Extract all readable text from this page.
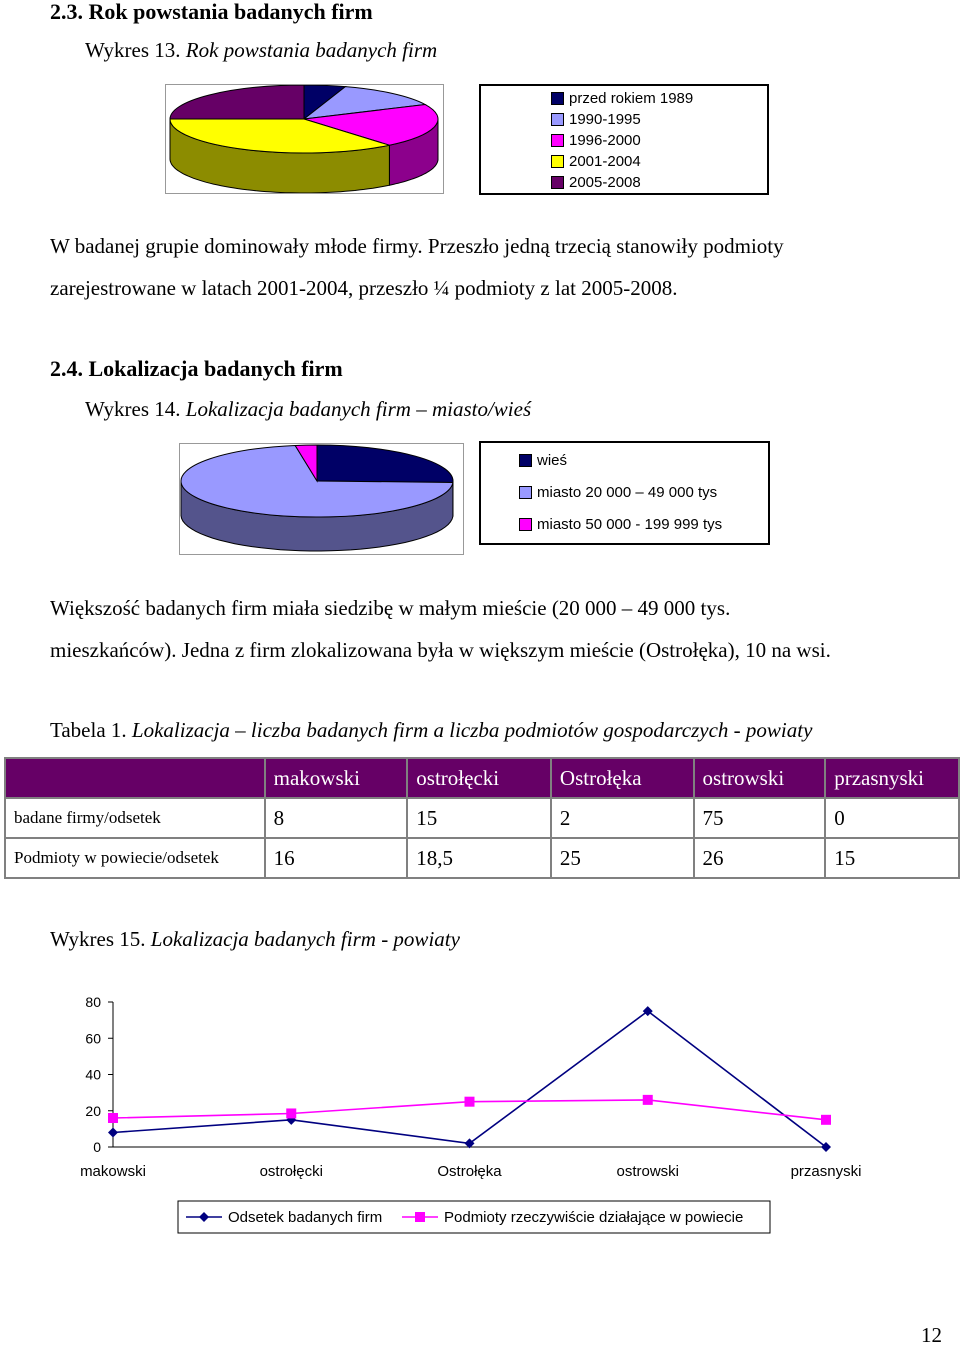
2.3. Rok powstania badanych firm
Wykres 13. Rok powstania badanych firm
przed rokiem 1989
1990-1995
1996-2000
2001-2004
2005-2008
W badanej grupie dominowały młode firmy. Przeszło jedną trzecią stanowiły podmioty
zarejestrowane w latach 2001-2004, przeszło ¼ podmioty z lat 2005-2008.
2.4. Lokalizacja badanych firm
Wykres 14. Lokalizacja badanych firm – miasto/wieś
wieś
miasto 20 000 – 49 000 tys
miasto 50 000 - 199 999 tys
Większość badanych firm miała siedzibę w małym mieście (20 000 – 49 000 tys.
mieszkańców). Jedna z firm zlokalizowana była w większym mieście (Ostrołęka), 10 na wsi.
Tabela 1. Lokalizacja – liczba badanych firm a liczba podmiotów gospodarczych - powiaty
	makowski	ostrołęcki	Ostrołęka	ostrowski	przasnyski
badane firmy/odsetek	8	15	2	75	0
Podmioty w powiecie/odsetek	16	18,5	25	26	15
Wykres 15. Lokalizacja badanych firm - powiaty
0
20
40
60
80
makowski	ostrołęcki	Ostrołęka	ostrowski	przasnyski
Odsetek badanych firm	Podmioty rzeczywiście działające w powiecie
12
